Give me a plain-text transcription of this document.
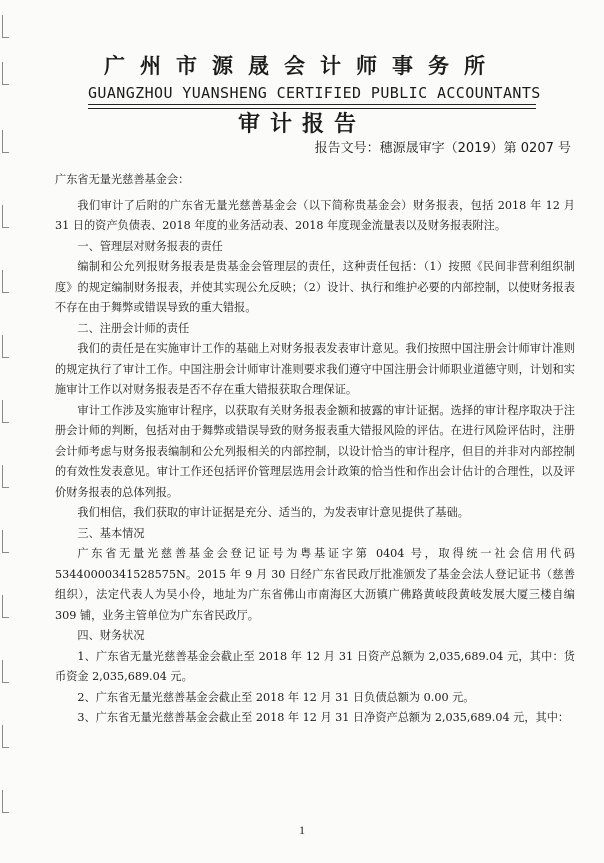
广州市源晟会计师事务所
GUANGZHOU YUANSHENG CERTIFIED PUBLIC ACCOUNTANTS
审计报告
报告文号：穗源晟审字（2019）第 0207 号

广东省无量光慈善基金会：

我们审计了后附的广东省无量光慈善基金会（以下简称贵基金会）财务报表，包括 2018 年 12 月 31 日的资产负债表、2018 年度的业务活动表、2018 年度现金流量表以及财务报表附注。

一、管理层对财务报表的责任

编制和公允列报财务报表是贵基金会管理层的责任，这种责任包括：（1）按照《民间非营利组织制度》的规定编制财务报表，并使其实现公允反映；（2）设计、执行和维护必要的内部控制，以使财务报表不存在由于舞弊或错误导致的重大错报。

二、注册会计师的责任

我们的责任是在实施审计工作的基础上对财务报表发表审计意见。我们按照中国注册会计师审计准则的规定执行了审计工作。中国注册会计师审计准则要求我们遵守中国注册会计师职业道德守则，计划和实施审计工作以对财务报表是否不存在重大错报获取合理保证。

审计工作涉及实施审计程序，以获取有关财务报表金额和披露的审计证据。选择的审计程序取决于注册会计师的判断，包括对由于舞弊或错误导致的财务报表重大错报风险的评估。在进行风险评估时，注册会计师考虑与财务报表编制和公允列报相关的内部控制，以设计恰当的审计程序，但目的并非对内部控制的有效性发表意见。审计工作还包括评价管理层选用会计政策的恰当性和作出会计估计的合理性，以及评价财务报表的总体列报。

我们相信，我们获取的审计证据是充分、适当的，为发表审计意见提供了基础。

三、基本情况

广东省无量光慈善基金会登记证号为粤基证字第 0404 号，取得统一社会信用代码53440000341528575N。2015 年 9 月 30 日经广东省民政厅批准颁发了基金会法人登记证书（慈善组织），法定代表人为吴小伶，地址为广东省佛山市南海区大沥镇广佛路黄岐段黄岐发展大厦三楼自编 309 铺，业务主管单位为广东省民政厅。

四、财务状况

1、广东省无量光慈善基金会截止至 2018 年 12 月 31 日资产总额为 2,035,689.04 元，其中：货币资金 2,035,689.04 元。

2、广东省无量光慈善基金会截止至 2018 年 12 月 31 日负债总额为 0.00 元。

3、广东省无量光慈善基金会截止至 2018 年 12 月 31 日净资产总额为 2,035,689.04 元，其中：

1
